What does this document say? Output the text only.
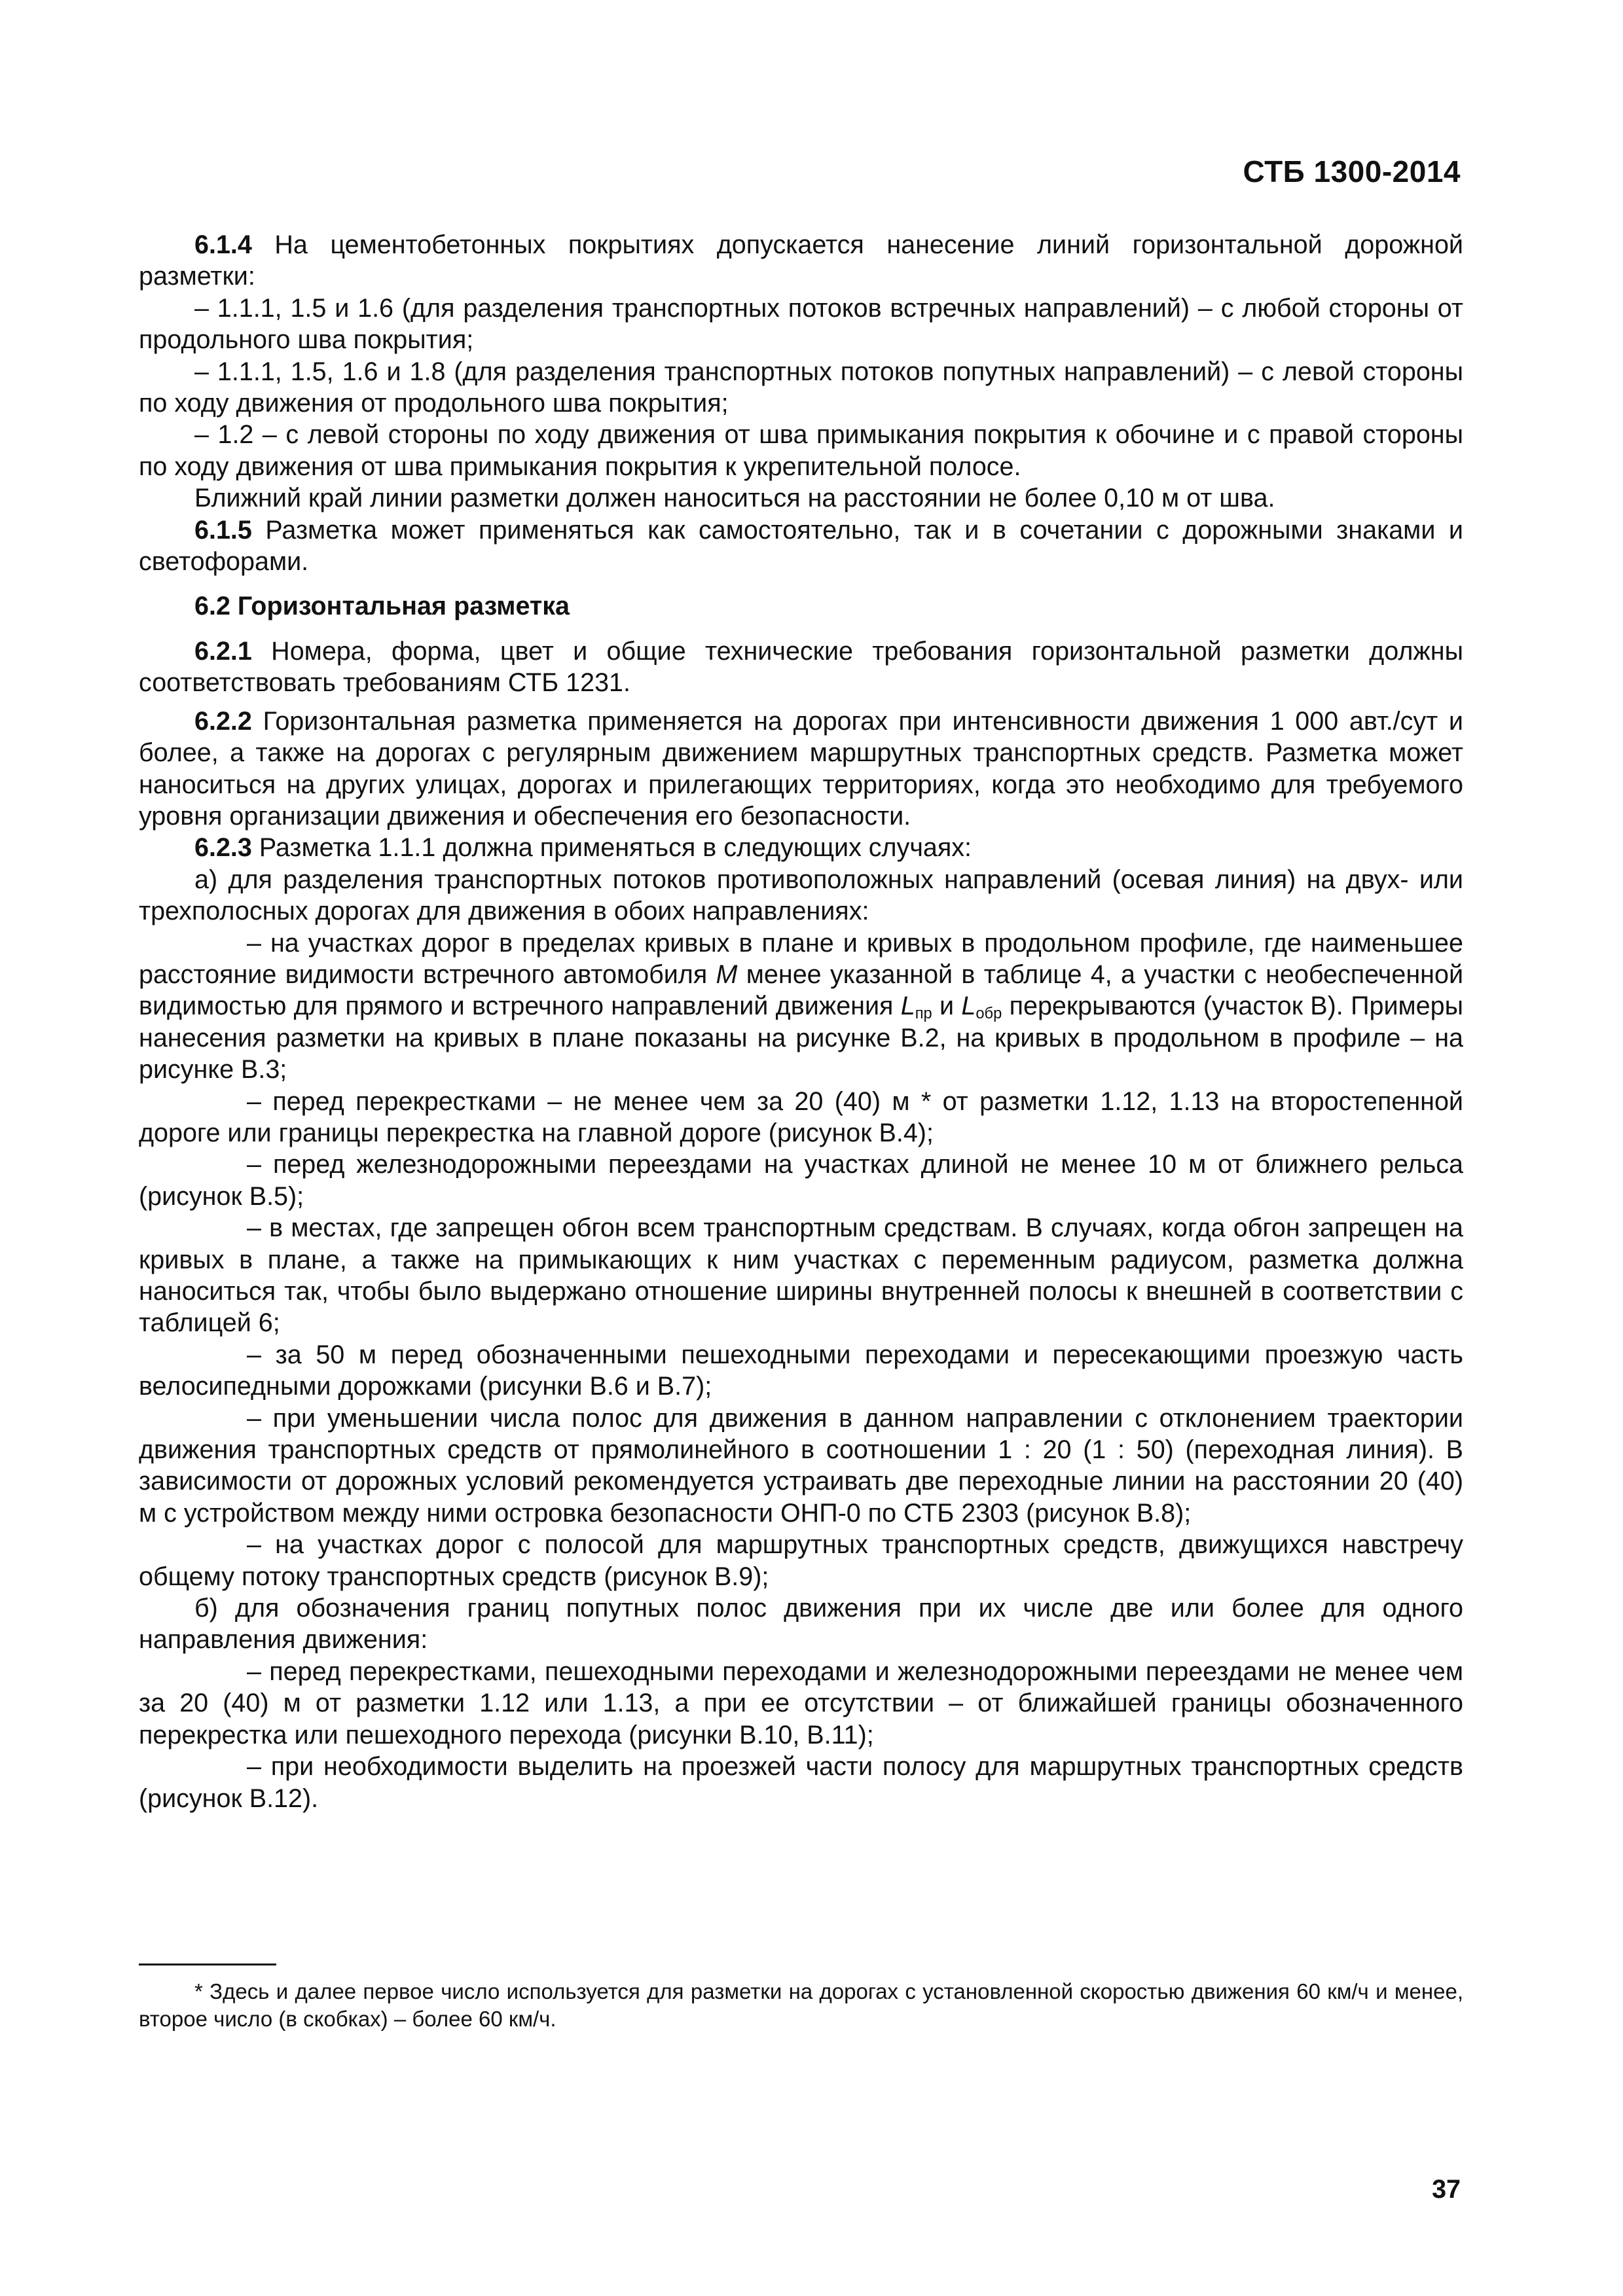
СТБ 1300-2014

6.1.4 На цементобетонных покрытиях допускается нанесение линий горизонтальной дорожной разметки:

– 1.1.1, 1.5 и 1.6 (для разделения транспортных потоков встречных направлений) – с любой стороны от продольного шва покрытия;

– 1.1.1, 1.5, 1.6 и 1.8 (для разделения транспортных потоков попутных направлений) – с левой стороны по ходу движения от продольного шва покрытия;

– 1.2 – с левой стороны по ходу движения от шва примыкания покрытия к обочине и с правой стороны по ходу движения от шва примыкания покрытия к укрепительной полосе.

Ближний край линии разметки должен наноситься на расстоянии не более 0,10 м от шва.

6.1.5 Разметка может применяться как самостоятельно, так и в сочетании с дорожными знаками и светофорами.

6.2 Горизонтальная разметка

6.2.1 Номера, форма, цвет и общие технические требования горизонтальной разметки должны соответствовать требованиям СТБ 1231.

6.2.2 Горизонтальная разметка применяется на дорогах при интенсивности движения 1 000 авт./сут и более, а также на дорогах с регулярным движением маршрутных транспортных средств. Разметка может наноситься на других улицах, дорогах и прилегающих территориях, когда это необходимо для требуемого уровня организации движения и обеспечения его безопасности.

6.2.3 Разметка 1.1.1 должна применяться в следующих случаях:

а) для разделения транспортных потоков противоположных направлений (осевая линия) на двух- или трехполосных дорогах для движения в обоих направлениях:

– на участках дорог в пределах кривых в плане и кривых в продольном профиле, где наименьшее расстояние видимости встречного автомобиля М менее указанной в таблице 4, а участки с необеспеченной видимостью для прямого и встречного направлений движения $L_{пр}$ и $L_{обр}$ перекрываются (участок В). Примеры нанесения разметки на кривых в плане показаны на рисунке В.2, на кривых в продольном в профиле – на рисунке В.3;

– перед перекрестками – не менее чем за 20 (40) м * от разметки 1.12, 1.13 на второстепенной дороге или границы перекрестка на главной дороге (рисунок В.4);

– перед железнодорожными переездами на участках длиной не менее 10 м от ближнего рельса (рисунок В.5);

– в местах, где запрещен обгон всем транспортным средствам. В случаях, когда обгон запрещен на кривых в плане, а также на примыкающих к ним участках с переменным радиусом, разметка должна наноситься так, чтобы было выдержано отношение ширины внутренней полосы к внешней в соответствии с таблицей 6;

– за 50 м перед обозначенными пешеходными переходами и пересекающими проезжую часть велосипедными дорожками (рисунки В.6 и В.7);

– при уменьшении числа полос для движения в данном направлении с отклонением траектории движения транспортных средств от прямолинейного в соотношении 1 : 20 (1 : 50) (переходная линия). В зависимости от дорожных условий рекомендуется устраивать две переходные линии на расстоянии 20 (40) м с устройством между ними островка безопасности ОНП-0 по СТБ 2303 (рисунок В.8);

– на участках дорог с полосой для маршрутных транспортных средств, движущихся навстречу общему потоку транспортных средств (рисунок В.9);

б) для обозначения границ попутных полос движения при их числе две или более для одного направления движения:

– перед перекрестками, пешеходными переходами и железнодорожными переездами не менее чем за 20 (40) м от разметки 1.12 или 1.13, а при ее отсутствии – от ближайшей границы обозначенного перекрестка или пешеходного перехода (рисунки В.10, В.11);

– при необходимости выделить на проезжей части полосу для маршрутных транспортных средств (рисунок В.12).

* Здесь и далее первое число используется для разметки на дорогах с установленной скоростью движения 60 км/ч и менее, второе число (в скобках) – более 60 км/ч.

37
